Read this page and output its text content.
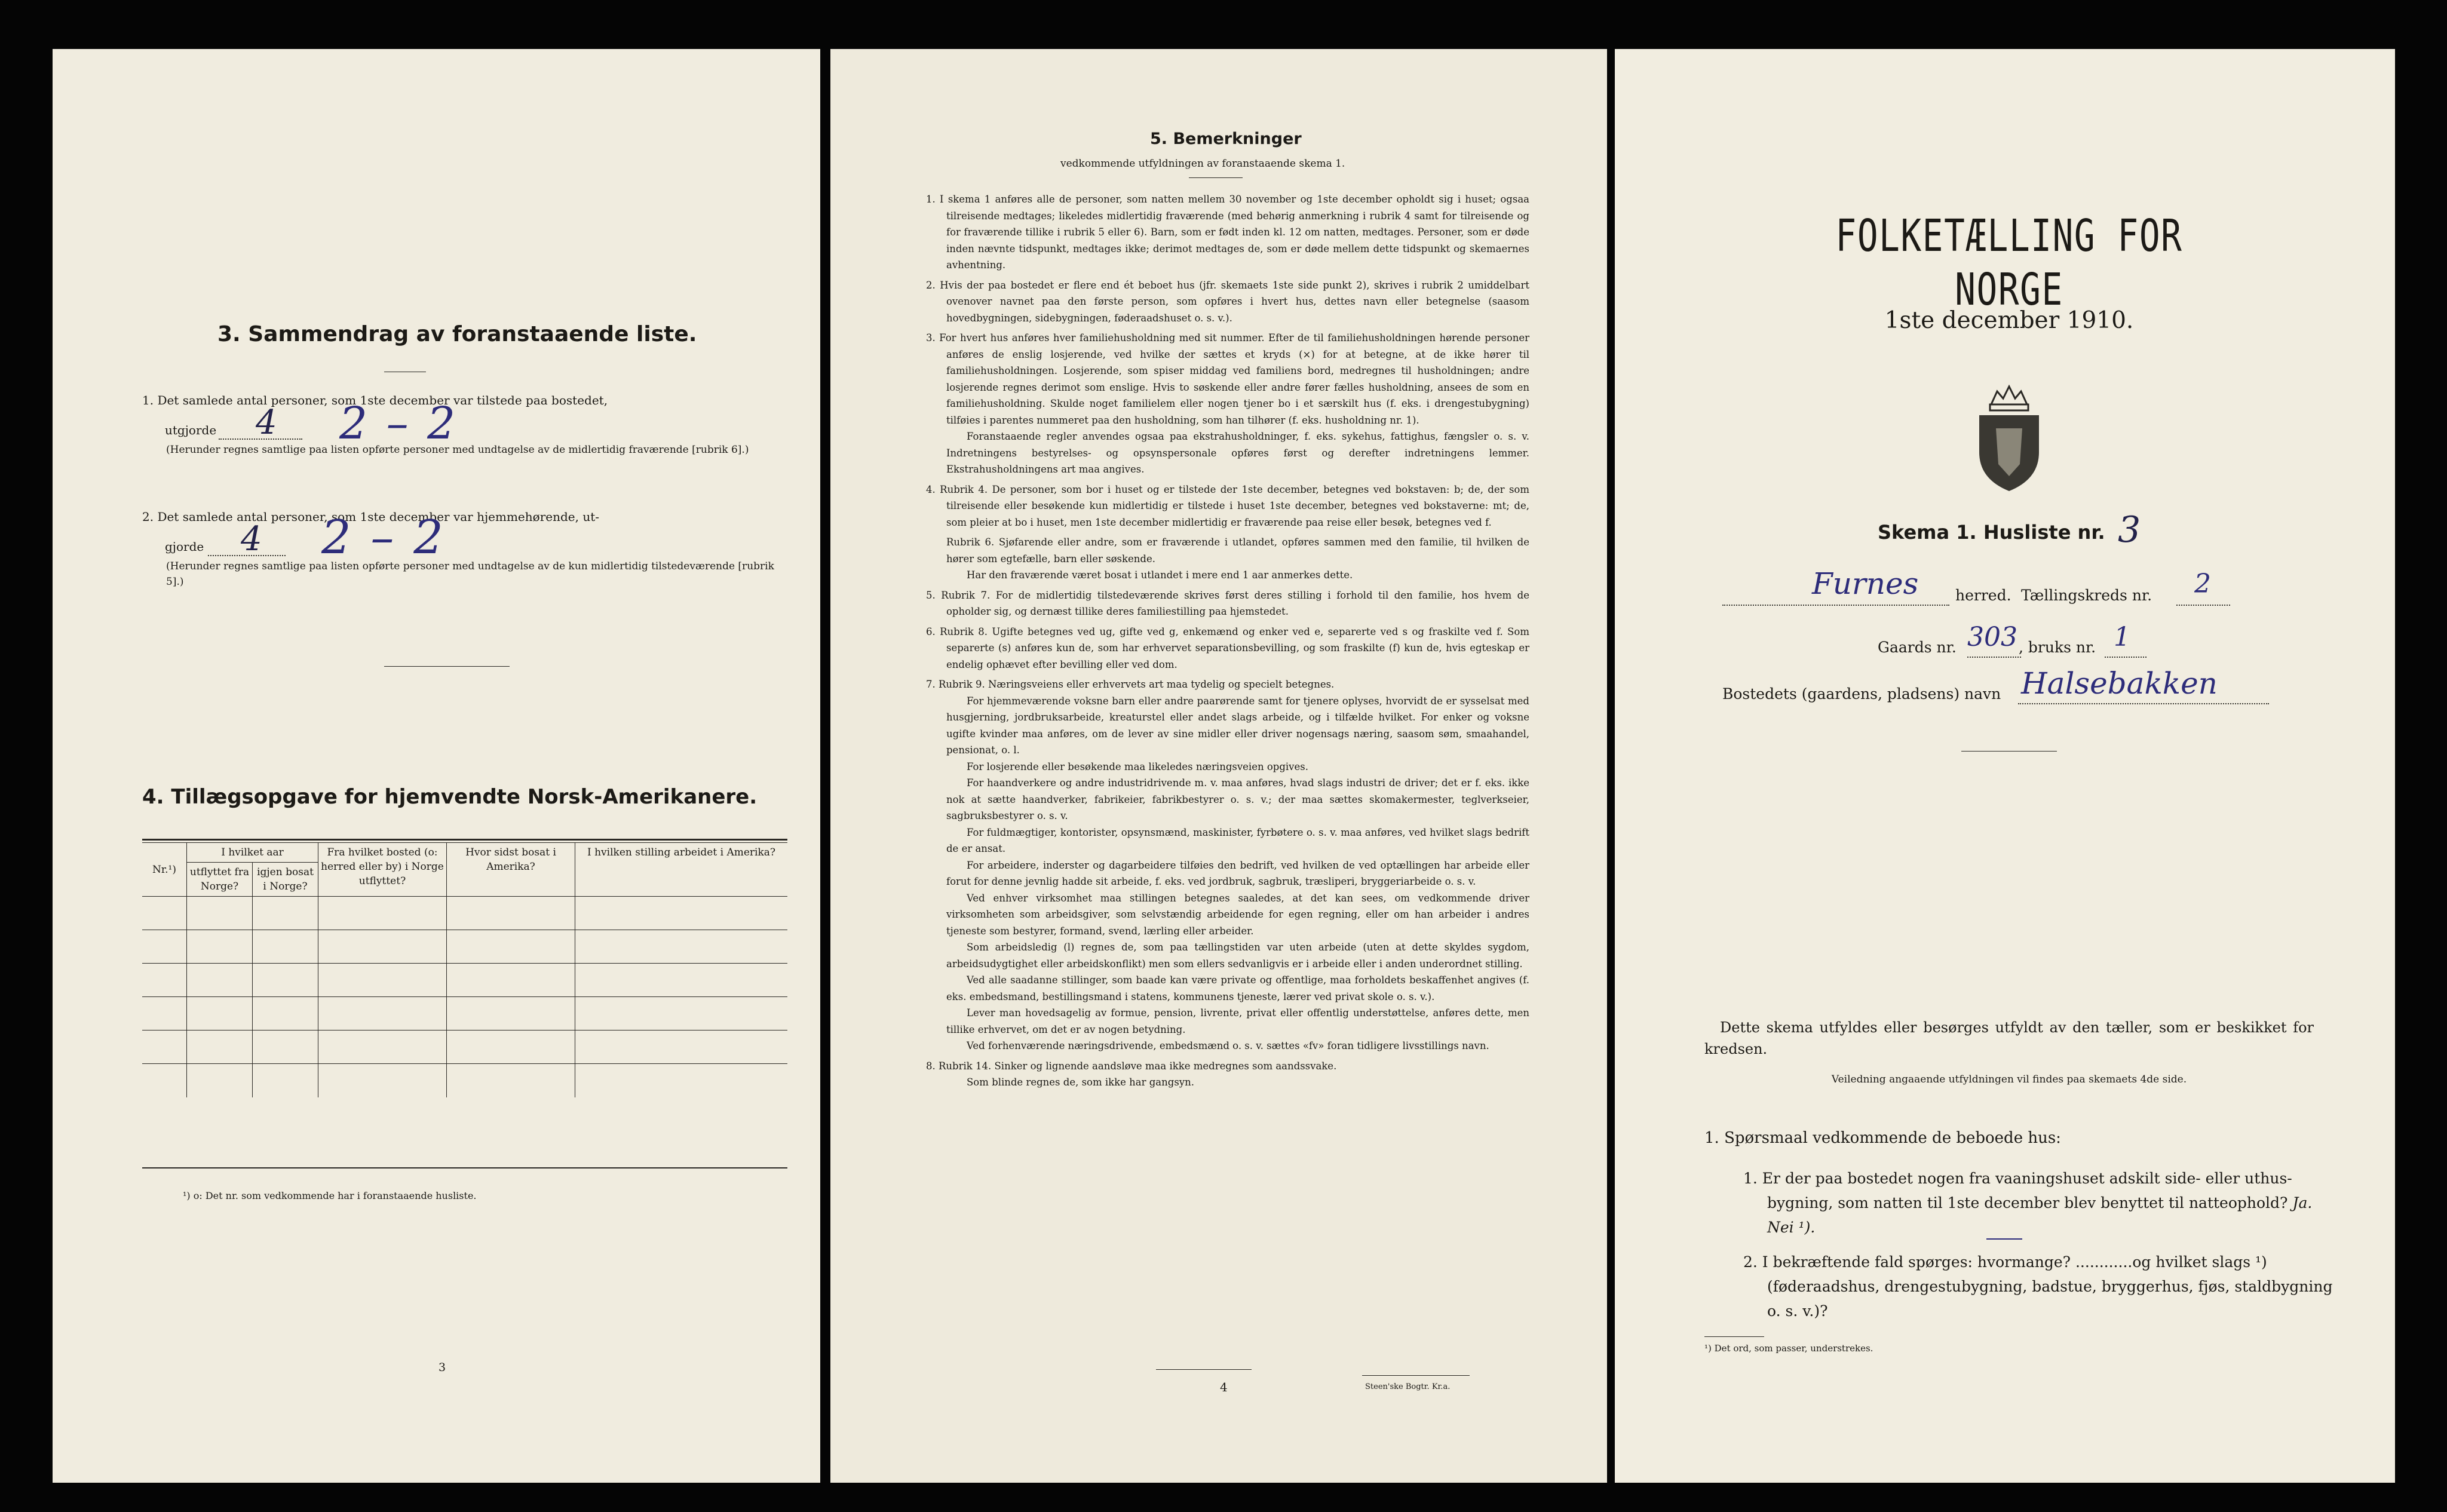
3. Sammendrag av foranstaaende liste.
1. Det samlede antal personer, som 1ste december var tilstede paa bostedet,
utgjorde 4 2 – 2
(Herunder regnes samtlige paa listen opførte personer med undtagelse av de midlertidig fraværende [rubrik 6].)
2. Det samlede antal personer, som 1ste december var hjemmehørende, ut-
gjorde 4 2 – 2
(Herunder regnes samtlige paa listen opførte personer med undtagelse av de kun midlertidig tilstedeværende [rubrik 5].)
4. Tillægsopgave for hjemvendte Norsk-Amerikanere.
Nr.¹)	I hvilket aar		Fra hvilket bosted (o: herred eller by) i Norge utflyttet?	Hvor sidst bosat i Amerika?	I hvilken stilling arbeidet i Amerika?
	utflyttet fra Norge?	igjen bosat i Norge?			

¹) o: Det nr. som vedkommende har i foranstaaende husliste.
3
5. Bemerkninger
vedkommende utfyldningen av foranstaaende skema 1.

1. I skema 1 anføres alle de personer, som natten mellem 30 november og 1ste december opholdt sig i huset; ogsaa tilreisende medtages; likeledes midlertidig fraværende (med behørig anmerkning i rubrik 4 samt for tilreisende og for fraværende tillike i rubrik 5 eller 6). Barn, som er født inden kl. 12 om natten, medtages. Personer, som er døde inden nævnte tidspunkt, medtages ikke; derimot medtages de, som er døde mellem dette tidspunkt og skemaernes avhentning.

2. Hvis der paa bostedet er flere end ét beboet hus (jfr. skemaets 1ste side punkt 2), skrives i rubrik 2 umiddelbart ovenover navnet paa den første person, som opføres i hvert hus, dettes navn eller betegnelse (saasom hovedbygningen, sidebygningen, føderaadshuset o. s. v.).

3. For hvert hus anføres hver familiehusholdning med sit nummer. Efter de til familiehusholdningen hørende personer anføres de enslig losjerende, ved hvilke der sættes et kryds (×) for at betegne, at de ikke hører til familiehusholdningen. Losjerende, som spiser middag ved familiens bord, medregnes til husholdningen; andre losjerende regnes derimot som enslige. Hvis to søskende eller andre fører fælles husholdning, ansees de som en familiehusholdning. Skulde noget familielem eller nogen tjener bo i et særskilt hus (f. eks. i drengestubygning) tilføies i parentes nummeret paa den husholdning, som han tilhører (f. eks. husholdning nr. 1).

Foranstaaende regler anvendes ogsaa paa ekstrahusholdninger, f. eks. sykehus, fattighus, fængsler o. s. v. Indretningens bestyrelses- og opsynspersonale opføres først og derefter indretningens lemmer. Ekstrahusholdningens art maa angives.

4. Rubrik 4. De personer, som bor i huset og er tilstede der 1ste december, betegnes ved bokstaven: b; de, der som tilreisende eller besøkende kun midlertidig er tilstede i huset 1ste december, betegnes ved bokstaverne: mt; de, som pleier at bo i huset, men 1ste december midlertidig er fraværende paa reise eller besøk, betegnes ved f.

Rubrik 6. Sjøfarende eller andre, som er fraværende i utlandet, opføres sammen med den familie, til hvilken de hører som egtefælle, barn eller søskende.

Har den fraværende været bosat i utlandet i mere end 1 aar anmerkes dette.

5. Rubrik 7. For de midlertidig tilstedeværende skrives først deres stilling i forhold til den familie, hos hvem de opholder sig, og dernæst tillike deres familiestilling paa hjemstedet.

6. Rubrik 8. Ugifte betegnes ved ug, gifte ved g, enkemænd og enker ved e, separerte ved s og fraskilte ved f. Som separerte (s) anføres kun de, som har erhvervet separationsbevilling, og som fraskilte (f) kun de, hvis egteskap er endelig ophævet efter bevilling eller ved dom.

7. Rubrik 9. Næringsveiens eller erhvervets art maa tydelig og specielt betegnes.

For hjemmeværende voksne barn eller andre paarørende samt for tjenere oplyses, hvorvidt de er sysselsat med husgjerning, jordbruksarbeide, kreaturstel eller andet slags arbeide, og i tilfælde hvilket. For enker og voksne ugifte kvinder maa anføres, om de lever av sine midler eller driver nogensags næring, saasom søm, smaahandel, pensionat, o. l.

For losjerende eller besøkende maa likeledes næringsveien opgives.

For haandverkere og andre industridrivende m. v. maa anføres, hvad slags industri de driver; det er f. eks. ikke nok at sætte haandverker, fabrikeier, fabrikbestyrer o. s. v.; der maa sættes skomakermester, teglverkseier, sagbruksbestyrer o. s. v.

For fuldmægtiger, kontorister, opsynsmænd, maskinister, fyrbøtere o. s. v. maa anføres, ved hvilket slags bedrift de er ansat.

For arbeidere, inderster og dagarbeidere tilføies den bedrift, ved hvilken de ved optællingen har arbeide eller forut for denne jevnlig hadde sit arbeide, f. eks. ved jordbruk, sagbruk, træsliperi, bryggeriarbeide o. s. v.

Ved enhver virksomhet maa stillingen betegnes saaledes, at det kan sees, om vedkommende driver virksomheten som arbeidsgiver, som selvstændig arbeidende for egen regning, eller om han arbeider i andres tjeneste som bestyrer, formand, svend, lærling eller arbeider.

Som arbeidsledig (l) regnes de, som paa tællingstiden var uten arbeide (uten at dette skyldes sygdom, arbeidsudygtighet eller arbeidskonflikt) men som ellers sedvanligvis er i arbeide eller i anden underordnet stilling.

Ved alle saadanne stillinger, som baade kan være private og offentlige, maa forholdets beskaffenhet angives (f. eks. embedsmand, bestillingsmand i statens, kommunens tjeneste, lærer ved privat skole o. s. v.).

Lever man hovedsagelig av formue, pension, livrente, privat eller offentlig understøttelse, anføres dette, men tillike erhvervet, om det er av nogen betydning.

Ved forhenværende næringsdrivende, embedsmænd o. s. v. sættes «fv» foran tidligere livsstillings navn.

8. Rubrik 14. Sinker og lignende aandsløve maa ikke medregnes som aandssvake.

Som blinde regnes de, som ikke har gangsyn.

4	Steen'ske Bogtr. Kr.a.
FOLKETÆLLING FOR NORGE
1ste december 1910.
Skema 1. Husliste nr. 3
Furnes herred. Tællingskreds nr. 2
Gaards nr. 303 , bruks nr. 1
Bostedets (gaardens, pladsens) navn Halsebakken
Dette skema utfyldes eller besørges utfyldt av den tæller, som er beskikket for kredsen.
Veiledning angaaende utfyldningen vil findes paa skemaets 4de side.
1. Spørsmaal vedkommende de beboede hus:
1. Er der paa bostedet nogen fra vaaningshuset adskilt side- eller uthus-bygning, som natten til 1ste december blev benyttet til natteophold? Ja. Nei ¹).
2. I bekræftende fald spørges: hvormange? ............og hvilket slags ¹) (føderaadshus, drengestubygning, badstue, bryggerhus, fjøs, staldbygning o. s. v.)?
¹) Det ord, som passer, understrekes.
